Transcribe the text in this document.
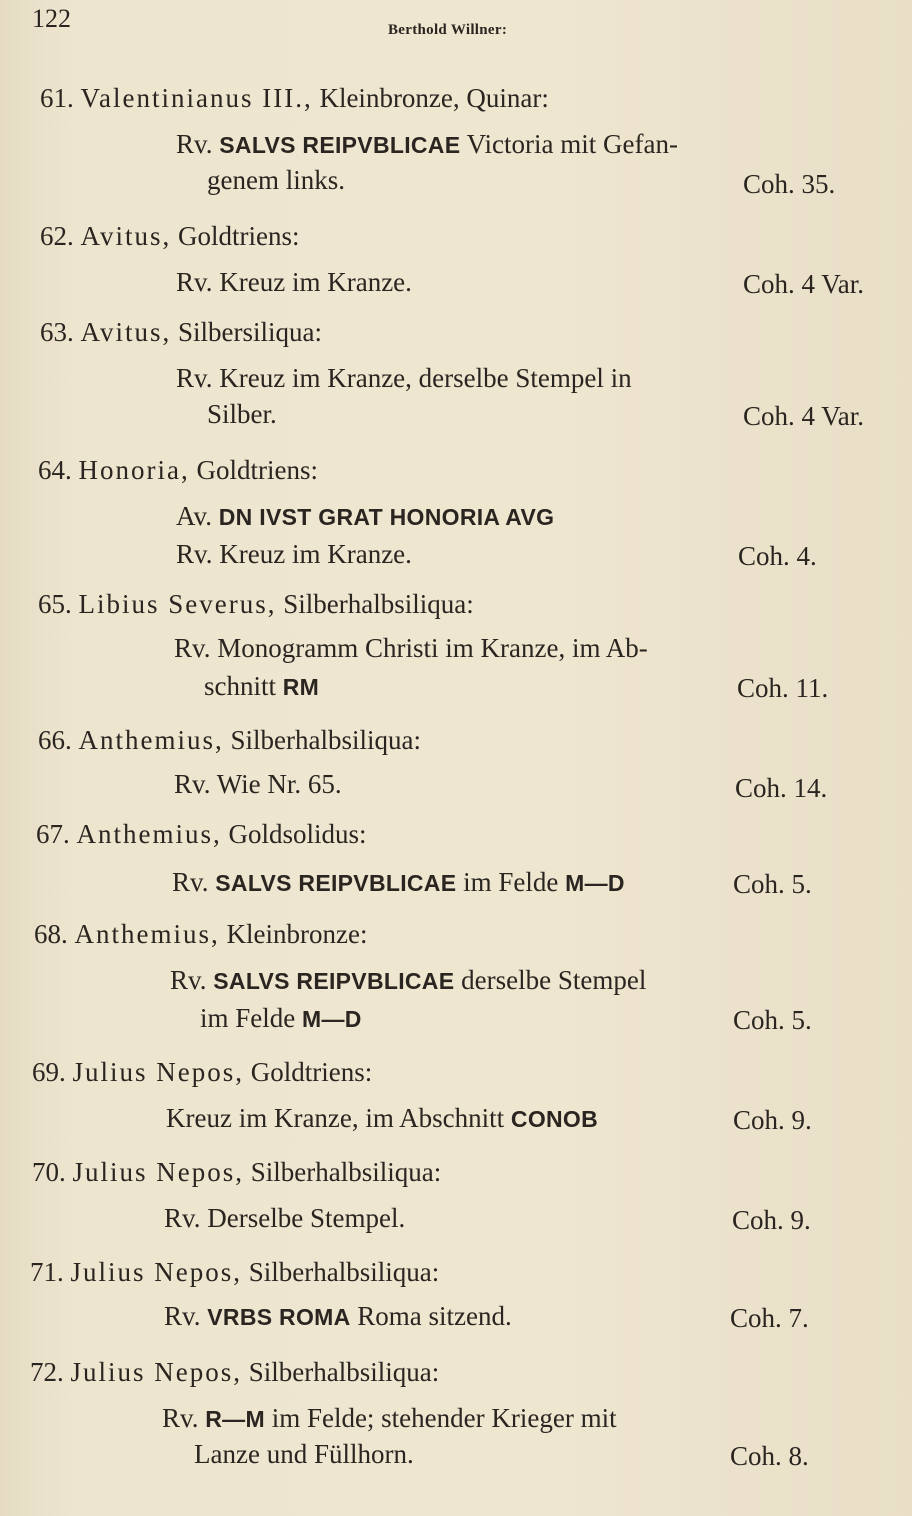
122	Berthold Willner:
61. Valentinianus III., Kleinbronze, Quinar:
Rv. SALVS REIPVBLICAE Victoria mit Gefan-
genem links.	Coh. 35.
62. Avitus, Goldtriens:
Rv. Kreuz im Kranze.	Coh. 4 Var.
63. Avitus, Silbersiliqua:
Rv. Kreuz im Kranze, derselbe Stempel in
Silber.	Coh. 4 Var.
64. Honoria, Goldtriens:
Av. DN IVST GRAT HONORIA AVG
Rv. Kreuz im Kranze.	Coh. 4.
65. Libius Severus, Silberhalbsiliqua:
Rv. Monogramm Christi im Kranze, im Ab-
schnitt RM	Coh. 11.
66. Anthemius, Silberhalbsiliqua:
Rv. Wie Nr. 65.	Coh. 14.
67. Anthemius, Goldsolidus:
Rv. SALVS REIPVBLICAE im Felde M—D	Coh. 5.
68. Anthemius, Kleinbronze:
Rv. SALVS REIPVBLICAE derselbe Stempel
im Felde M—D	Coh. 5.
69. Julius Nepos, Goldtriens:
Kreuz im Kranze, im Abschnitt CONOB	Coh. 9.
70. Julius Nepos, Silberhalbsiliqua:
Rv. Derselbe Stempel.	Coh. 9.
71. Julius Nepos, Silberhalbsiliqua:
Rv. VRBS ROMA Roma sitzend.	Coh. 7.
72. Julius Nepos, Silberhalbsiliqua:
Rv. R—M im Felde; stehender Krieger mit
Lanze und Füllhorn.	Coh. 8.
